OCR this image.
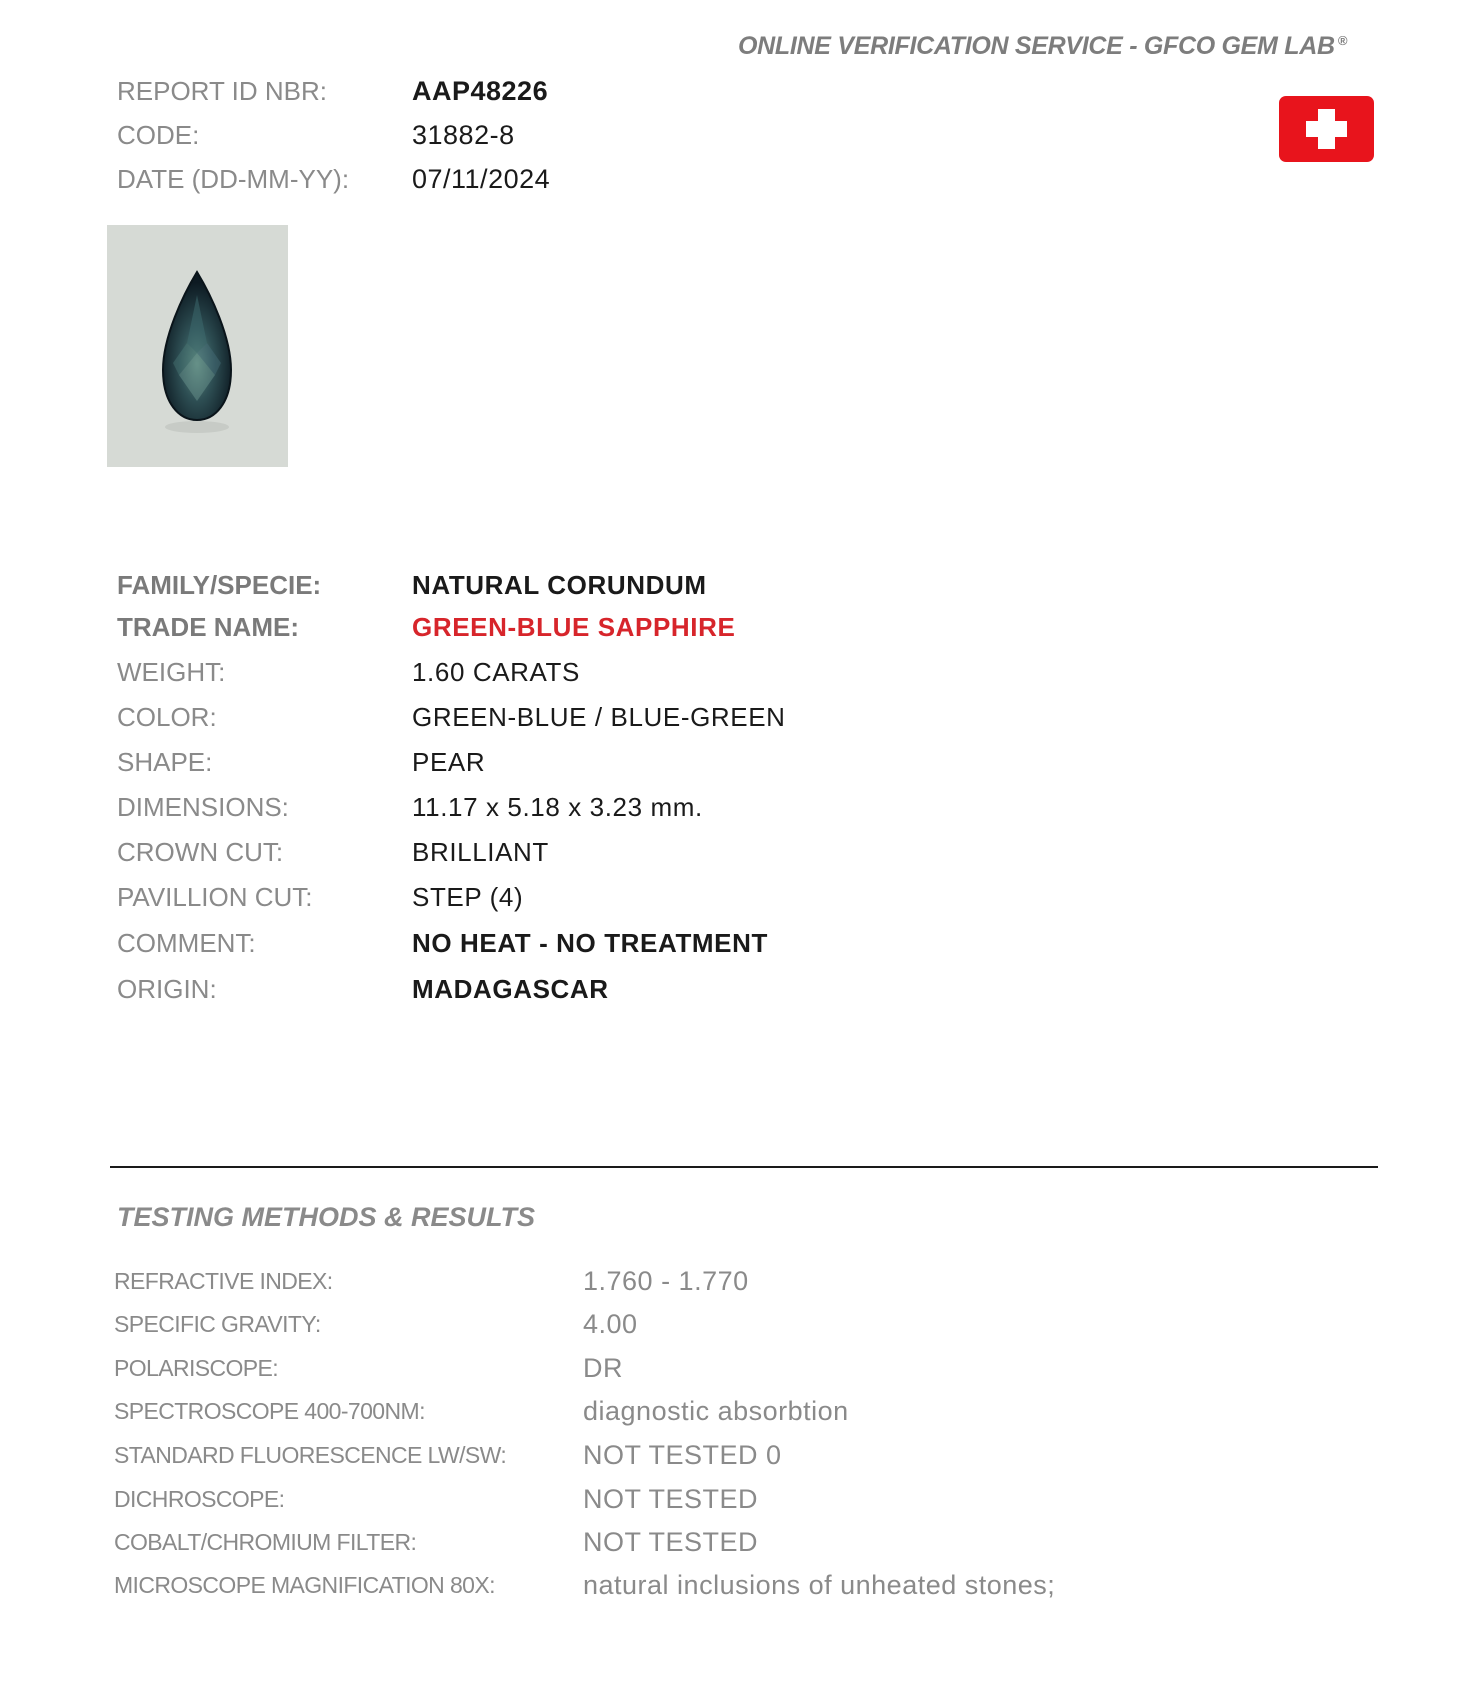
ONLINE VERIFICATION SERVICE - GFCO GEM LAB ®
REPORT ID NBR:	AAP48226
CODE:	31882-8
DATE (DD-MM-YY):	07/11/2024
FAMILY/SPECIE:	NATURAL CORUNDUM
TRADE NAME:	GREEN-BLUE SAPPHIRE
WEIGHT:	1.60 CARATS
COLOR:	GREEN-BLUE / BLUE-GREEN
SHAPE:	PEAR
DIMENSIONS:	11.17 x 5.18 x 3.23 mm.
CROWN CUT:	BRILLIANT
PAVILLION CUT:	STEP (4)
COMMENT:	NO HEAT - NO TREATMENT
ORIGIN:	MADAGASCAR
TESTING METHODS & RESULTS
REFRACTIVE INDEX:	1.760 - 1.770
SPECIFIC GRAVITY:	4.00
POLARISCOPE:	DR
SPECTROSCOPE 400-700NM:	diagnostic absorbtion
STANDARD FLUORESCENCE LW/SW:	NOT TESTED 0
DICHROSCOPE:	NOT TESTED
COBALT/CHROMIUM FILTER:	NOT TESTED
MICROSCOPE MAGNIFICATION 80X:	natural inclusions of unheated stones;
